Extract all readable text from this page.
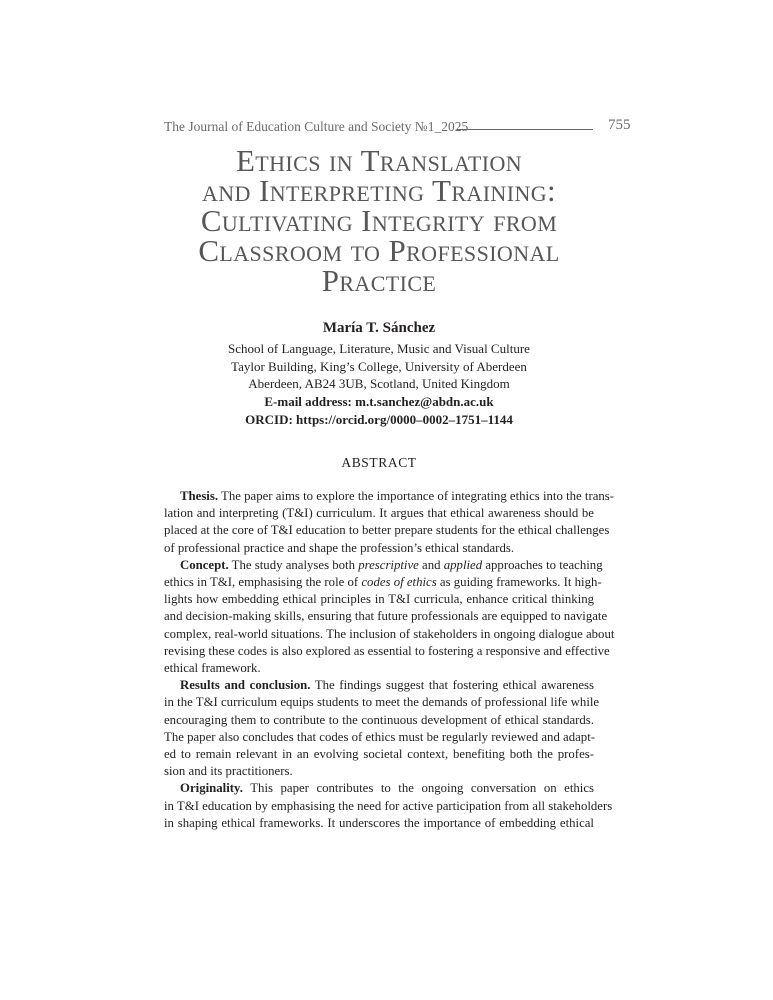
The Journal of Education Culture and Society №1_2025	755
Ethics in Translation
and Interpreting Training:
Cultivating Integrity from
Classroom to Professional
Practice
María T. Sánchez
School of Language, Literature, Music and Visual Culture
Taylor Building, King’s College, University of Aberdeen
Aberdeen, AB24 3UB, Scotland, United Kingdom
E-mail address: m.t.sanchez@abdn.ac.uk
ORCID: https://orcid.org/0000–0002–1751–1144
ABSTRACT
Thesis. The paper aims to explore the importance of integrating ethics into the trans-
lation and interpreting (T&I) curriculum. It argues that ethical awareness should be
placed at the core of T&I education to better prepare students for the ethical challenges
of professional practice and shape the profession’s ethical standards.
Concept. The study analyses both prescriptive and applied approaches to teaching
ethics in T&I, emphasising the role of codes of ethics as guiding frameworks. It high-
lights how embedding ethical principles in T&I curricula, enhance critical thinking
and decision-making skills, ensuring that future professionals are equipped to navigate
complex, real-world situations. The inclusion of stakeholders in ongoing dialogue about
revising these codes is also explored as essential to fostering a responsive and effective
ethical framework.
Results and conclusion. The findings suggest that fostering ethical awareness
in the T&I curriculum equips students to meet the demands of professional life while
encouraging them to contribute to the continuous development of ethical standards.
The paper also concludes that codes of ethics must be regularly reviewed and adapt-
ed to remain relevant in an evolving societal context, benefiting both the profes-
sion and its practitioners.
Originality. This paper contributes to the ongoing conversation on ethics
in T&I education by emphasising the need for active participation from all stakeholders
in shaping ethical frameworks. It underscores the importance of embedding ethical
